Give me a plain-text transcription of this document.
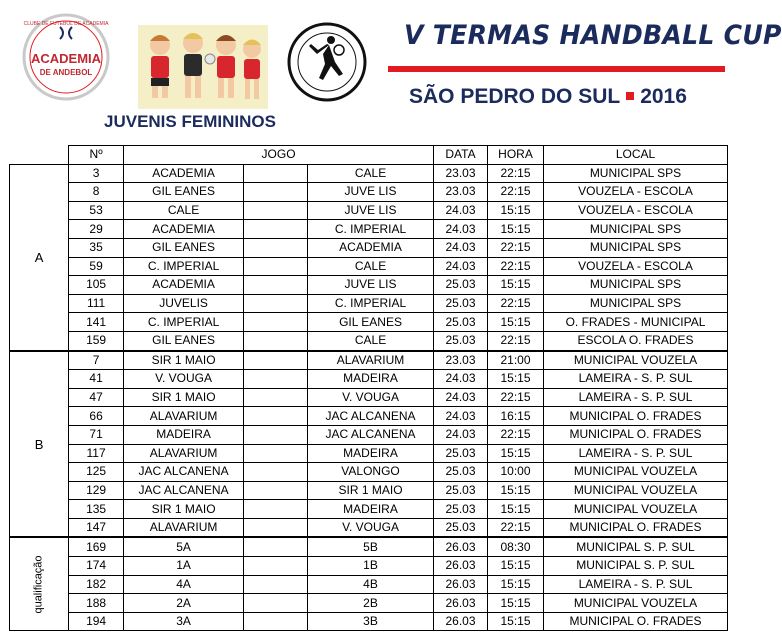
ACADEMIA
DE ANDEBOL
CLUBE DE FUTEBOL DE ACADEMIA	V TERMAS HANDBALL CUP
SÃO PEDRO DO SUL 2016
JUVENIS FEMININOS
	Nº	JOGO			DATA	HORA	LOCAL
A	3	ACADEMIA		CALE	23.03	22:15	MUNICIPAL SPS
	8	GIL EANES		JUVE LIS	23.03	22:15	VOUZELA - ESCOLA
	53	CALE		JUVE LIS	24.03	15:15	VOUZELA - ESCOLA
	29	ACADEMIA		C. IMPERIAL	24.03	15:15	MUNICIPAL SPS
	35	GIL EANES		ACADEMIA	24.03	22:15	MUNICIPAL SPS
	59	C. IMPERIAL		CALE	24.03	22:15	VOUZELA - ESCOLA
	105	ACADEMIA		JUVE LIS	25.03	15:15	MUNICIPAL SPS
	111	JUVELIS		C. IMPERIAL	25.03	22:15	MUNICIPAL SPS
	141	C. IMPERIAL		GIL EANES	25.03	15:15	O. FRADES - MUNICIPAL
	159	GIL EANES		CALE	25.03	22:15	ESCOLA O. FRADES
B	7	SIR 1 MAIO		ALAVARIUM	23.03	21:00	MUNICIPAL VOUZELA
	41	V. VOUGA		MADEIRA	24.03	15:15	LAMEIRA - S. P. SUL
	47	SIR 1 MAIO		V. VOUGA	24.03	22:15	LAMEIRA - S. P. SUL
	66	ALAVARIUM		JAC ALCANENA	24.03	16:15	MUNICIPAL O. FRADES
	71	MADEIRA		JAC ALCANENA	24.03	22:15	MUNICIPAL O. FRADES
	117	ALAVARIUM		MADEIRA	25.03	15:15	LAMEIRA - S. P. SUL
	125	JAC ALCANENA		VALONGO	25.03	10:00	MUNICIPAL VOUZELA
	129	JAC ALCANENA		SIR 1 MAIO	25.03	15:15	MUNICIPAL VOUZELA
	135	SIR 1 MAIO		MADEIRA	25.03	15:15	MUNICIPAL VOUZELA
	147	ALAVARIUM		V. VOUGA	25.03	22:15	MUNICIPAL O. FRADES
qualificação	169	5A		5B	26.03	08:30	MUNICIPAL S. P. SUL
	174	1A		1B	26.03	15:15	MUNICIPAL S. P. SUL
	182	4A		4B	26.03	15:15	LAMEIRA - S. P. SUL
	188	2A		2B	26.03	15:15	MUNICIPAL VOUZELA
	194	3A		3B	26.03	15:15	MUNICIPAL O. FRADES
